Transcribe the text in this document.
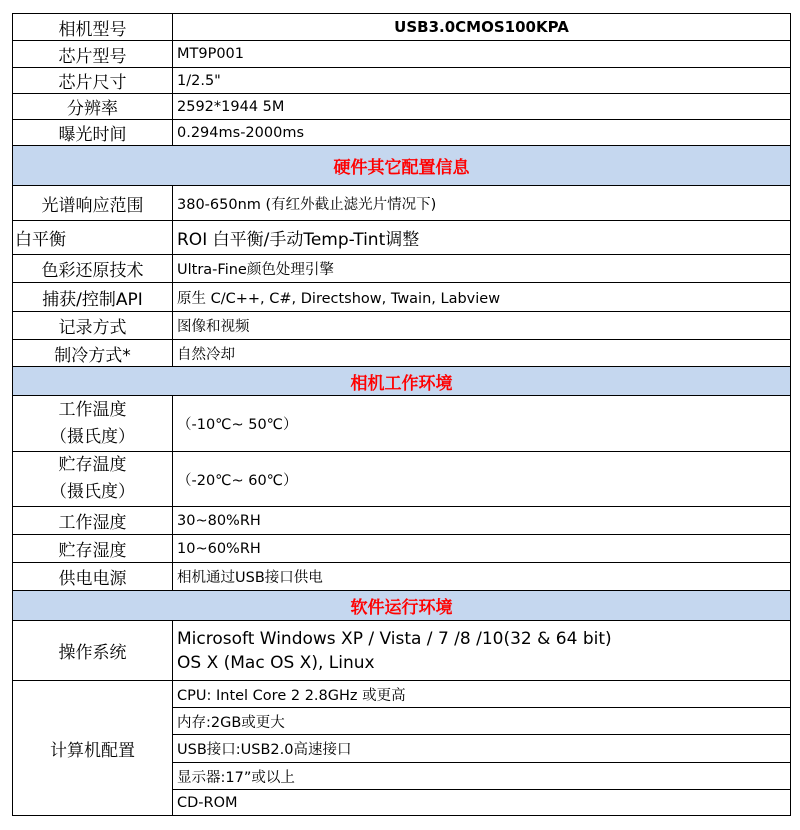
相机型号	USB3.0CMOS100KPA
芯片型号	MT9P001
芯片尺寸	1/2.5"
分辨率	2592*1944 5M
曝光时间	0.294ms-2000ms
硬件其它配置信息	
光谱响应范围	380-650nm (有红外截止滤光片情况下)
白平衡	ROI 白平衡/手动Temp-Tint调整
色彩还原技术	Ultra-Fine颜色处理引擎
捕获/控制API	原生 C/C++, C#, Directshow, Twain, Labview
记录方式	图像和视频
制冷方式*	自然冷却
相机工作环境	

工作温度
（摄氏度）	（-10℃~ 50℃）

贮存温度
（摄氏度）	（-20℃~ 60℃）
工作湿度	30~80%RH
贮存湿度	10~60%RH
供电电源	相机通过USB接口供电
软件运行环境	
操作系统	Microsoft Windows XP / Vista / 7 /8 /10(32 & 64 bit)
OS X (Mac OS X), Linux

计算机配置	CPU: Intel Core 2 2.8GHz 或更高
	内存:2GB或更大
	USB接口:USB2.0高速接口
	显示器:17”或以上
	CD-ROM
